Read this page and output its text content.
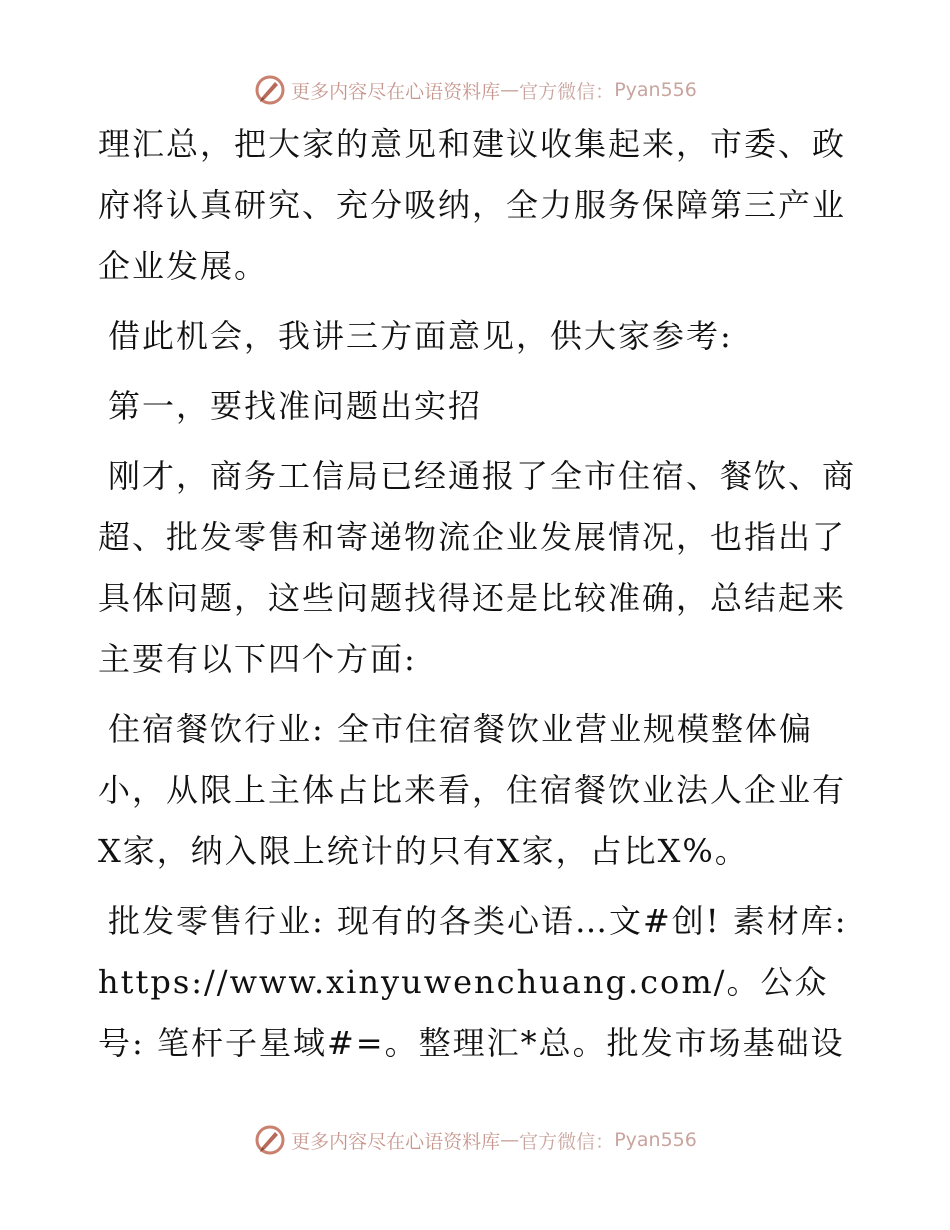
更多内容尽在心语资料库 — 官方微信： Pyan556

理汇总，把大家的意见和建议收集起来，市委、政府将认真研究、充分吸纳，全力服务保障第三产业企业发展。

借此机会，我讲三方面意见，供大家参考:

第一，要找准问题出实招

刚才，商务工信局已经通报了全市住宿、餐饮、商超、批发零售和寄递物流企业发展情况，也指出了具体问题，这些问题找得还是比较准确，总结起来主要有以下四个方面:

住宿餐饮行业: 全市住宿餐饮业营业规模整体偏小，从限上主体占比来看，住宿餐饮业法人企业有X家，纳入限上统计的只有X家，占比X%。

批发零售行业: 现有的各类心语…文#创! 素材库: https://www.xinyuwenchuang.com/。公众号: 笔杆子星域#=。整理汇*总。批发市场基础设

更多内容尽在心语资料库 — 官方微信： Pyan556
